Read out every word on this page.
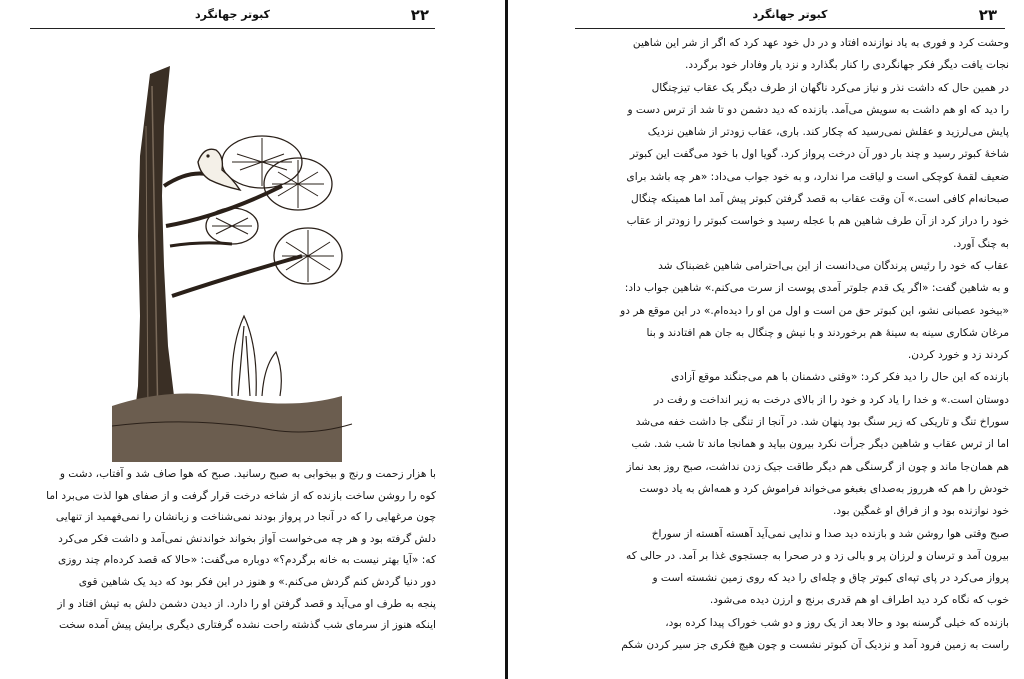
۲۲
کبوتر جهانگرد
با هزار زحمت و رنج و بیخوابی به صبح رسانید. صبح که هوا صاف شد و آفتاب، دشت و
کوه را روشن ساخت بازنده که از شاخه درخت قرار گرفت و از صفای هوا لذت می‌برد اما
چون مرغهایی را که در آنجا در پرواز بودند نمی‌شناخت و زبانشان را نمی‌فهمید از تنهایی
دلش گرفته بود و هر چه می‌خواست آواز بخواند خواندنش نمی‌آمد و داشت فکر می‌کرد
که: «آیا بهتر نیست به خانه برگردم؟» دوباره می‌گفت: «حالا که قصد کرده‌ام چند روزی
دور دنیا گردش کنم گردش می‌کنم.» و هنوز در این فکر بود که دید یک شاهین قوی
پنجه به طرف او می‌آید و قصد گرفتن او را دارد. از دیدن دشمن دلش به تپش افتاد و از
اینکه هنوز از سرمای شب گذشته راحت نشده گرفتاری دیگری برایش پیش آمده سخت
۲۳
کبوتر جهانگرد
وحشت کرد و فوری به یاد نوازنده افتاد و در دل خود عهد کرد که اگر از شر این شاهین
نجات یافت دیگر فکر جهانگردی را کنار بگذارد و نزد یار وفادار خود برگردد.
در همین حال که داشت نذر و نیاز می‌کرد ناگهان از طرف دیگر یک عقاب تیزچنگال
را دید که او هم داشت به سویش می‌آمد. بازنده که دید دشمن دو تا شد از ترس دست و
پایش می‌لرزید و عقلش نمی‌رسید که چکار کند. باری، عقاب زودتر از شاهین نزدیک
شاخهٔ کبوتر رسید و چند بار دور آن درخت پرواز کرد. گویا اول با خود می‌گفت این کبوتر
ضعیف لقمهٔ کوچکی است و لیاقت مرا ندارد، و به خود جواب می‌داد: «هر چه باشد برای
صبحانه‌ام کافی است.» آن وقت عقاب به قصد گرفتن کبوتر پیش آمد اما همینکه چنگال
خود را دراز کرد از آن طرف شاهین هم با عجله رسید و خواست کبوتر را زودتر از عقاب
به چنگ آورد.
عقاب که خود را رئیس پرندگان می‌دانست از این بی‌احترامی شاهین غضبناک شد
و به شاهین گفت: «اگر یک قدم جلوتر آمدی پوست از سرت می‌کنم.» شاهین جواب داد:
«بیخود عصبانی نشو، این کبوتر حق من است و اول من او را دیده‌ام.» در این موقع هر دو
مرغان شکاری سینه به سینهٔ هم برخوردند و با نیش و چنگال به جان هم افتادند و بنا
کردند زد و خورد کردن.
بازنده که این حال را دید فکر کرد: «وقتی دشمنان با هم می‌جنگند موقع آزادی
دوستان است.» و خدا را یاد کرد و خود را از بالای درخت به زیر انداخت و رفت در
سوراخ تنگ و تاریکی که زیر سنگ بود پنهان شد. در آنجا از تنگی جا داشت خفه می‌شد
اما از ترس عقاب و شاهین دیگر جرأت نکرد بیرون بیاید و همانجا ماند تا شب شد. شب
هم همان‌جا ماند و چون از گرسنگی هم دیگر طاقت جیک زدن نداشت، صبح روز بعد نماز
خودش را هم که هرروز به‌صدای بغبغو می‌خواند فراموش کرد و همه‌اش به یاد دوست
خود نوازنده بود و از فراق او غمگین بود.
صبح وقتی هوا روشن شد و بازنده دید صدا و ندایی نمی‌آید آهسته آهسته از سوراخ
بیرون آمد و ترسان و لرزان پر و بالی زد و در صحرا به جستجوی غذا بر آمد. در حالی که
پرواز می‌کرد در پای تپه‌ای کبوتر چاق و چله‌ای را دید که روی زمین نشسته است و
خوب که نگاه کرد دید اطراف او هم قدری برنج و ارزن دیده می‌شود.
بازنده که خیلی گرسنه بود و حالا بعد از یک روز و دو شب خوراک پیدا کرده بود،
راست به زمین فرود آمد و نزدیک آن کبوتر نشست و چون هیچ فکری جز سیر کردن شکم
